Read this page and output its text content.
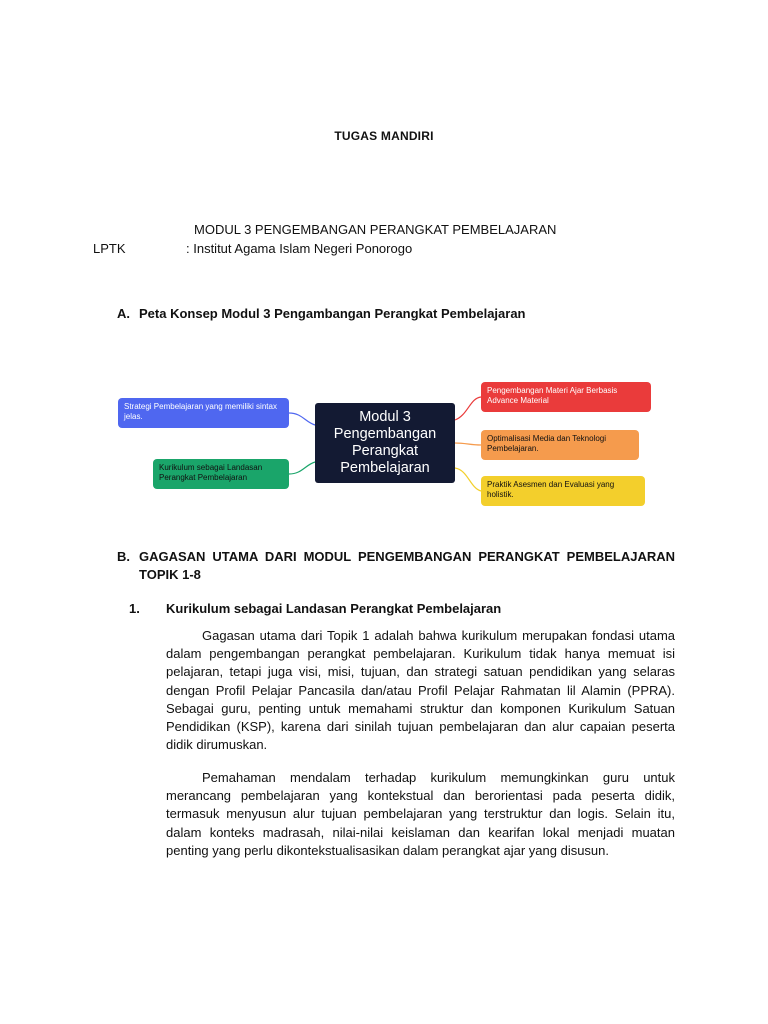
TUGAS MANDIRI
MODUL 3 PENGEMBANGAN PERANGKAT PEMBELAJARAN
LPTK	: Institut Agama Islam Negeri Ponorogo
A. Peta Konsep Modul 3 Pengambangan Perangkat Pembelajaran
Modul 3
Pengembangan
Perangkat
Pembelajaran
Strategi Pembelajaran yang memiliki sintax jelas.
Kurikulum sebagai Landasan Perangkat Pembelajaran
Pengembangan Materi Ajar Berbasis Advance Material
Optimalisasi Media dan Teknologi Pembelajaran.
Praktik Asesmen dan Evaluasi yang holistik.
B. GAGASAN UTAMA DARI MODUL PENGEMBANGAN PERANGKAT PEMBELAJARAN
TOPIK 1-8
1. Kurikulum sebagai Landasan Perangkat Pembelajaran
Gagasan utama dari Topik 1 adalah bahwa kurikulum merupakan fondasi utama dalam pengembangan perangkat pembelajaran. Kurikulum tidak hanya memuat isi pelajaran, tetapi juga visi, misi, tujuan, dan strategi satuan pendidikan yang selaras dengan Profil Pelajar Pancasila dan/atau Profil Pelajar Rahmatan lil Alamin (PPRA). Sebagai guru, penting untuk memahami struktur dan komponen Kurikulum Satuan Pendidikan (KSP), karena dari sinilah tujuan pembelajaran dan alur capaian peserta didik dirumuskan.
Pemahaman mendalam terhadap kurikulum memungkinkan guru untuk merancang pembelajaran yang kontekstual dan berorientasi pada peserta didik, termasuk menyusun alur tujuan pembelajaran yang terstruktur dan logis. Selain itu, dalam konteks madrasah, nilai-nilai keislaman dan kearifan lokal menjadi muatan penting yang perlu dikontekstualisasikan dalam perangkat ajar yang disusun.
